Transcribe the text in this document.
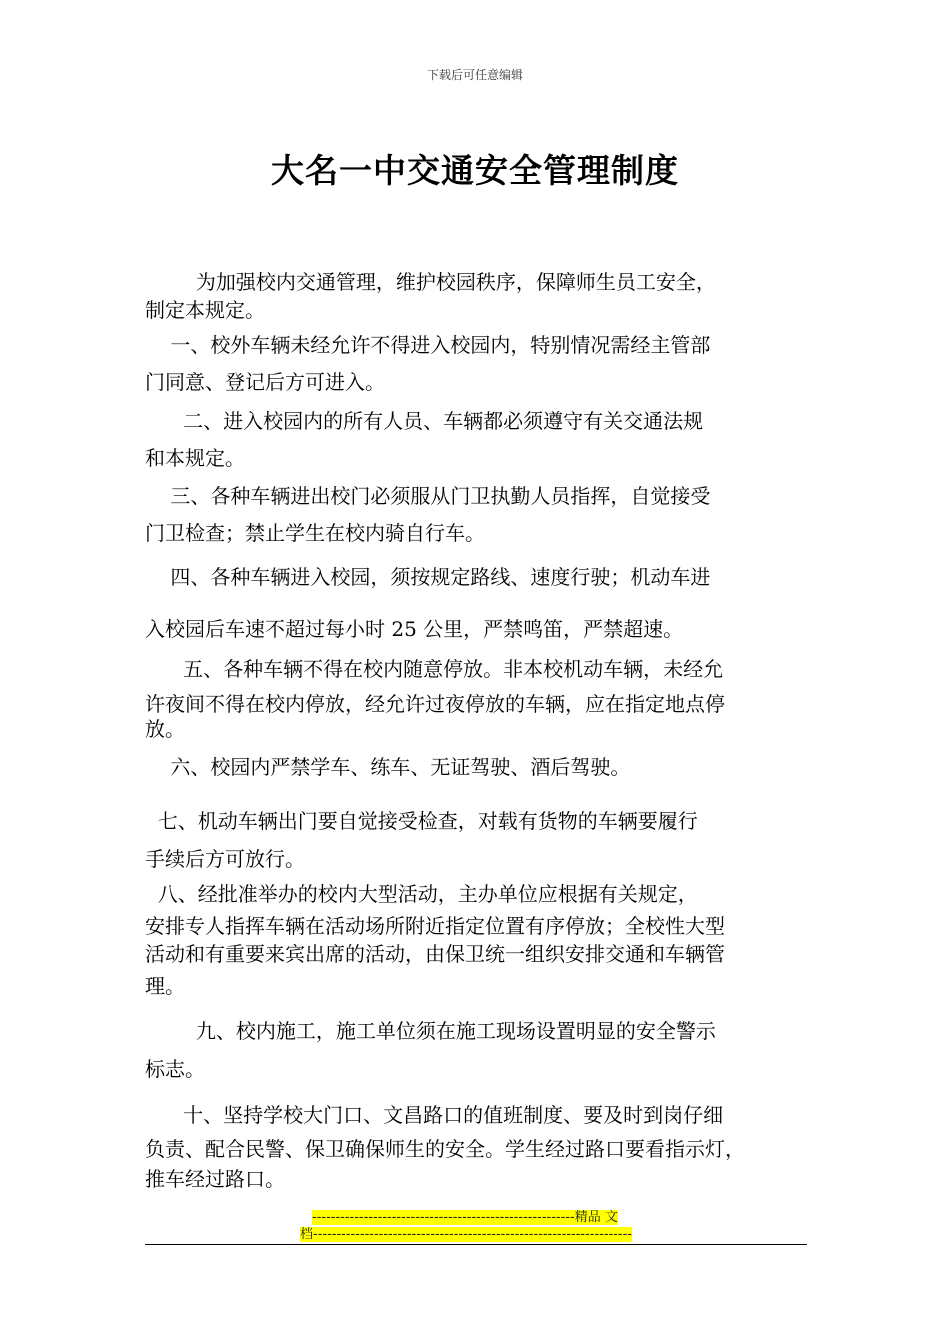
下载后可任意编辑
大名一中交通安全管理制度
为加强校内交通管理，维护校园秩序，保障师生员工安全，
制定本规定。
一、校外车辆未经允许不得进入校园内，特别情况需经主管部
门同意、登记后方可进入。
二、进入校园内的所有人员、车辆都必须遵守有关交通法规
和本规定。
三、各种车辆进出校门必须服从门卫执勤人员指挥，自觉接受
门卫检查；禁止学生在校内骑自行车。
四、各种车辆进入校园，须按规定路线、速度行驶；机动车进
入校园后车速不超过每小时 25 公里，严禁鸣笛，严禁超速。
五、各种车辆不得在校内随意停放。非本校机动车辆，未经允
许夜间不得在校内停放，经允许过夜停放的车辆，应在指定地点停
放。
六、校园内严禁学车、练车、无证驾驶、酒后驾驶。
七、机动车辆出门要自觉接受检查，对载有货物的车辆要履行
手续后方可放行。
八、经批准举办的校内大型活动，主办单位应根据有关规定，
安排专人指挥车辆在活动场所附近指定位置有序停放；全校性大型
活动和有重要来宾出席的活动，由保卫统一组织安排交通和车辆管
理。
九、校内施工，施工单位须在施工现场设置明显的安全警示
标志。
十、坚持学校大门口、文昌路口的值班制度、要及时到岗仔细
负责、配合民警、保卫确保师生的安全。学生经过路口要看指示灯，
推车经过路口。
--------------------------------------------------------精品 文
档--------------------------------------------------------------------
